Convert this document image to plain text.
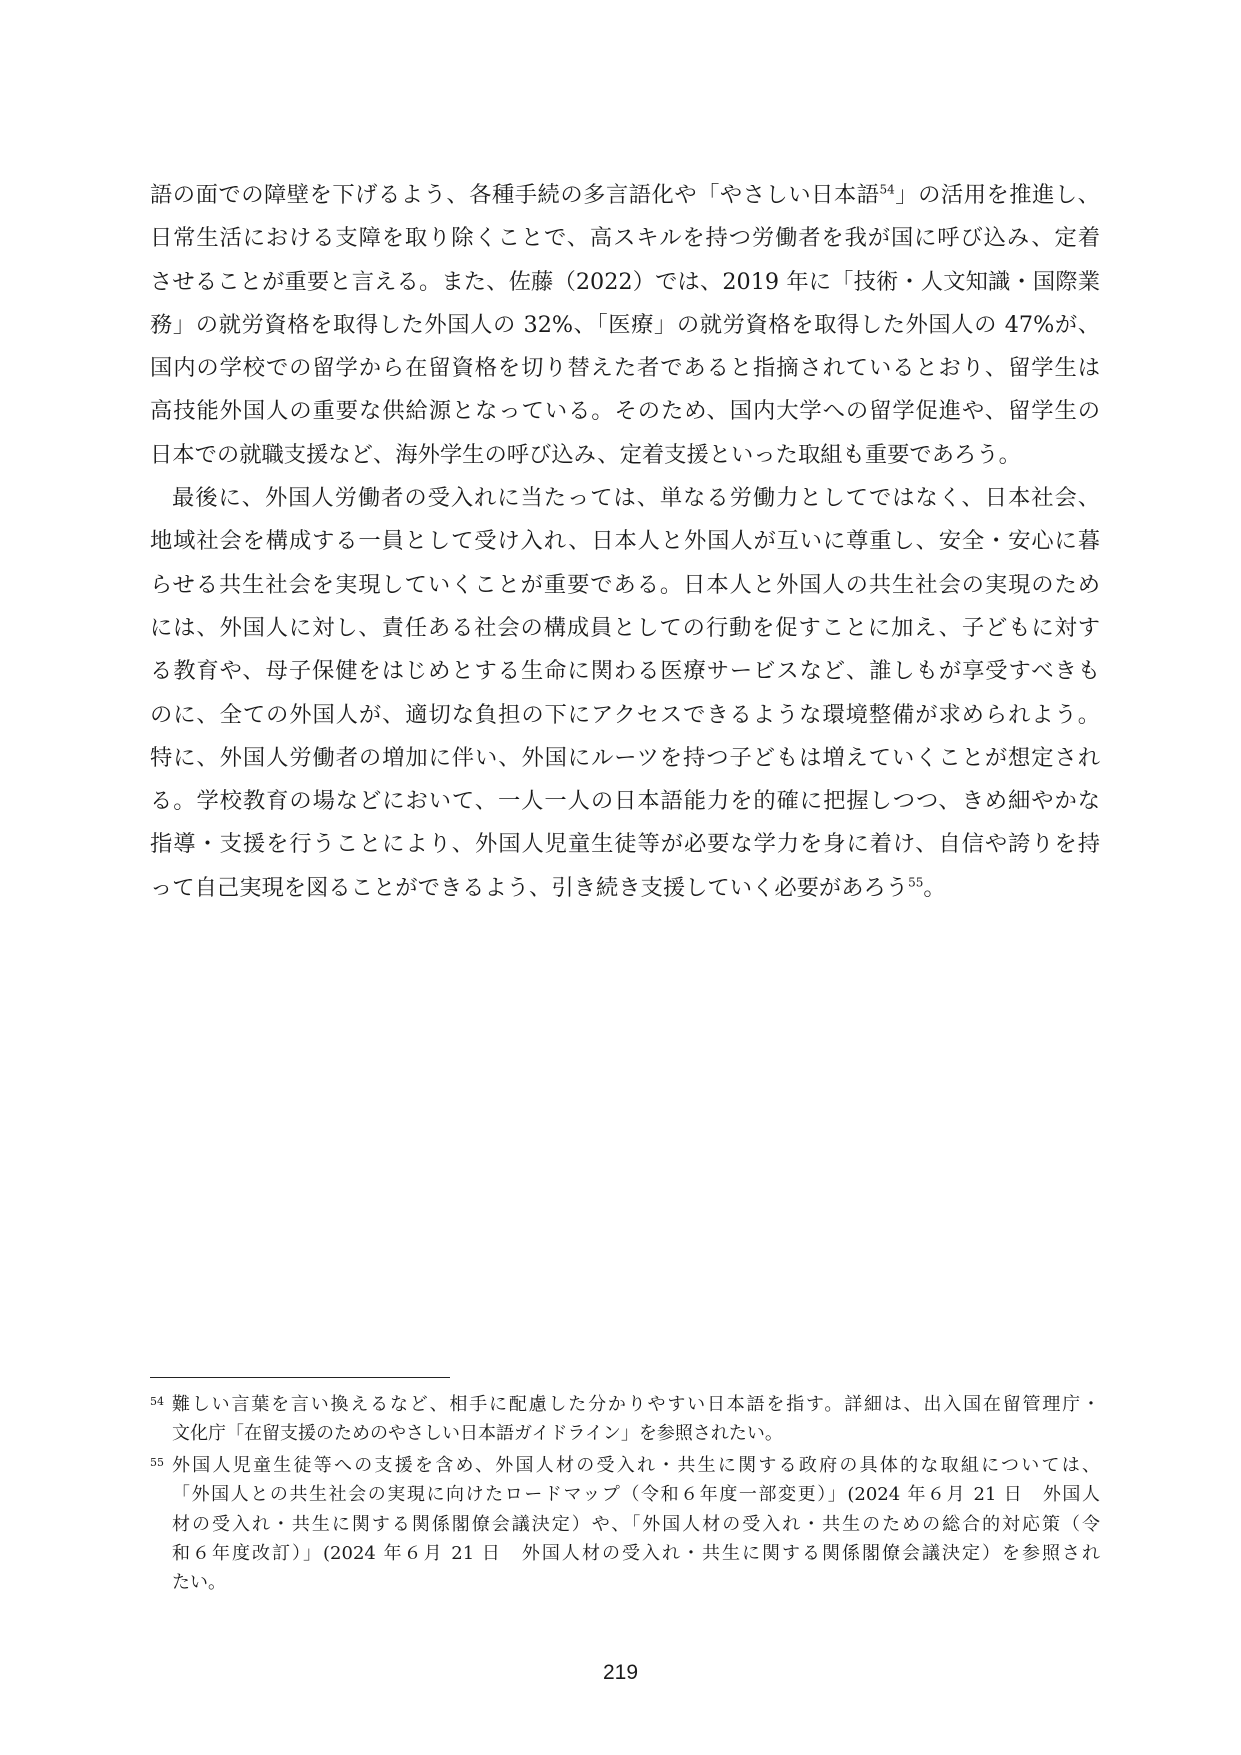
語の面での障壁を下げるよう、各種手続の多言語化や「やさしい日本語$^{54}$」の活用を推進し、
日常生活における支障を取り除くことで、高スキルを持つ労働者を我が国に呼び込み、定着
させることが重要と言える。また、佐藤（2022）では、2019 年に「技術・人文知識・国際業
務」の就労資格を取得した外国人の 32%、「医療」の就労資格を取得した外国人の 47%が、
国内の学校での留学から在留資格を切り替えた者であると指摘されているとおり、留学生は
高技能外国人の重要な供給源となっている。そのため、国内大学への留学促進や、留学生の
日本での就職支援など、海外学生の呼び込み、定着支援といった取組も重要であろう。
最後に、外国人労働者の受入れに当たっては、単なる労働力としてではなく、日本社会、
地域社会を構成する一員として受け入れ、日本人と外国人が互いに尊重し、安全・安心に暮
らせる共生社会を実現していくことが重要である。日本人と外国人の共生社会の実現のため
には、外国人に対し、責任ある社会の構成員としての行動を促すことに加え、子どもに対す
る教育や、母子保健をはじめとする生命に関わる医療サービスなど、誰しもが享受すべきも
のに、全ての外国人が、適切な負担の下にアクセスできるような環境整備が求められよう。
特に、外国人労働者の増加に伴い、外国にルーツを持つ子どもは増えていくことが想定され
る。学校教育の場などにおいて、一人一人の日本語能力を的確に把握しつつ、きめ細やかな
指導・支援を行うことにより、外国人児童生徒等が必要な学力を身に着け、自信や誇りを持
って自己実現を図ることができるよう、引き続き支援していく必要があろう$^{55}$。
54 難しい言葉を言い換えるなど、相手に配慮した分かりやすい日本語を指す。詳細は、出入国在留管理庁・
文化庁「在留支援のためのやさしい日本語ガイドライン」を参照されたい。
55 外国人児童生徒等への支援を含め、外国人材の受入れ・共生に関する政府の具体的な取組については、
「外国人との共生社会の実現に向けたロードマップ（令和６年度一部変更）」(2024 年６月 21 日　外国人
材の受入れ・共生に関する関係閣僚会議決定）や、「外国人材の受入れ・共生のための総合的対応策（令
和６年度改訂）」(2024 年６月 21 日　外国人材の受入れ・共生に関する関係閣僚会議決定）を参照され
たい。
219
